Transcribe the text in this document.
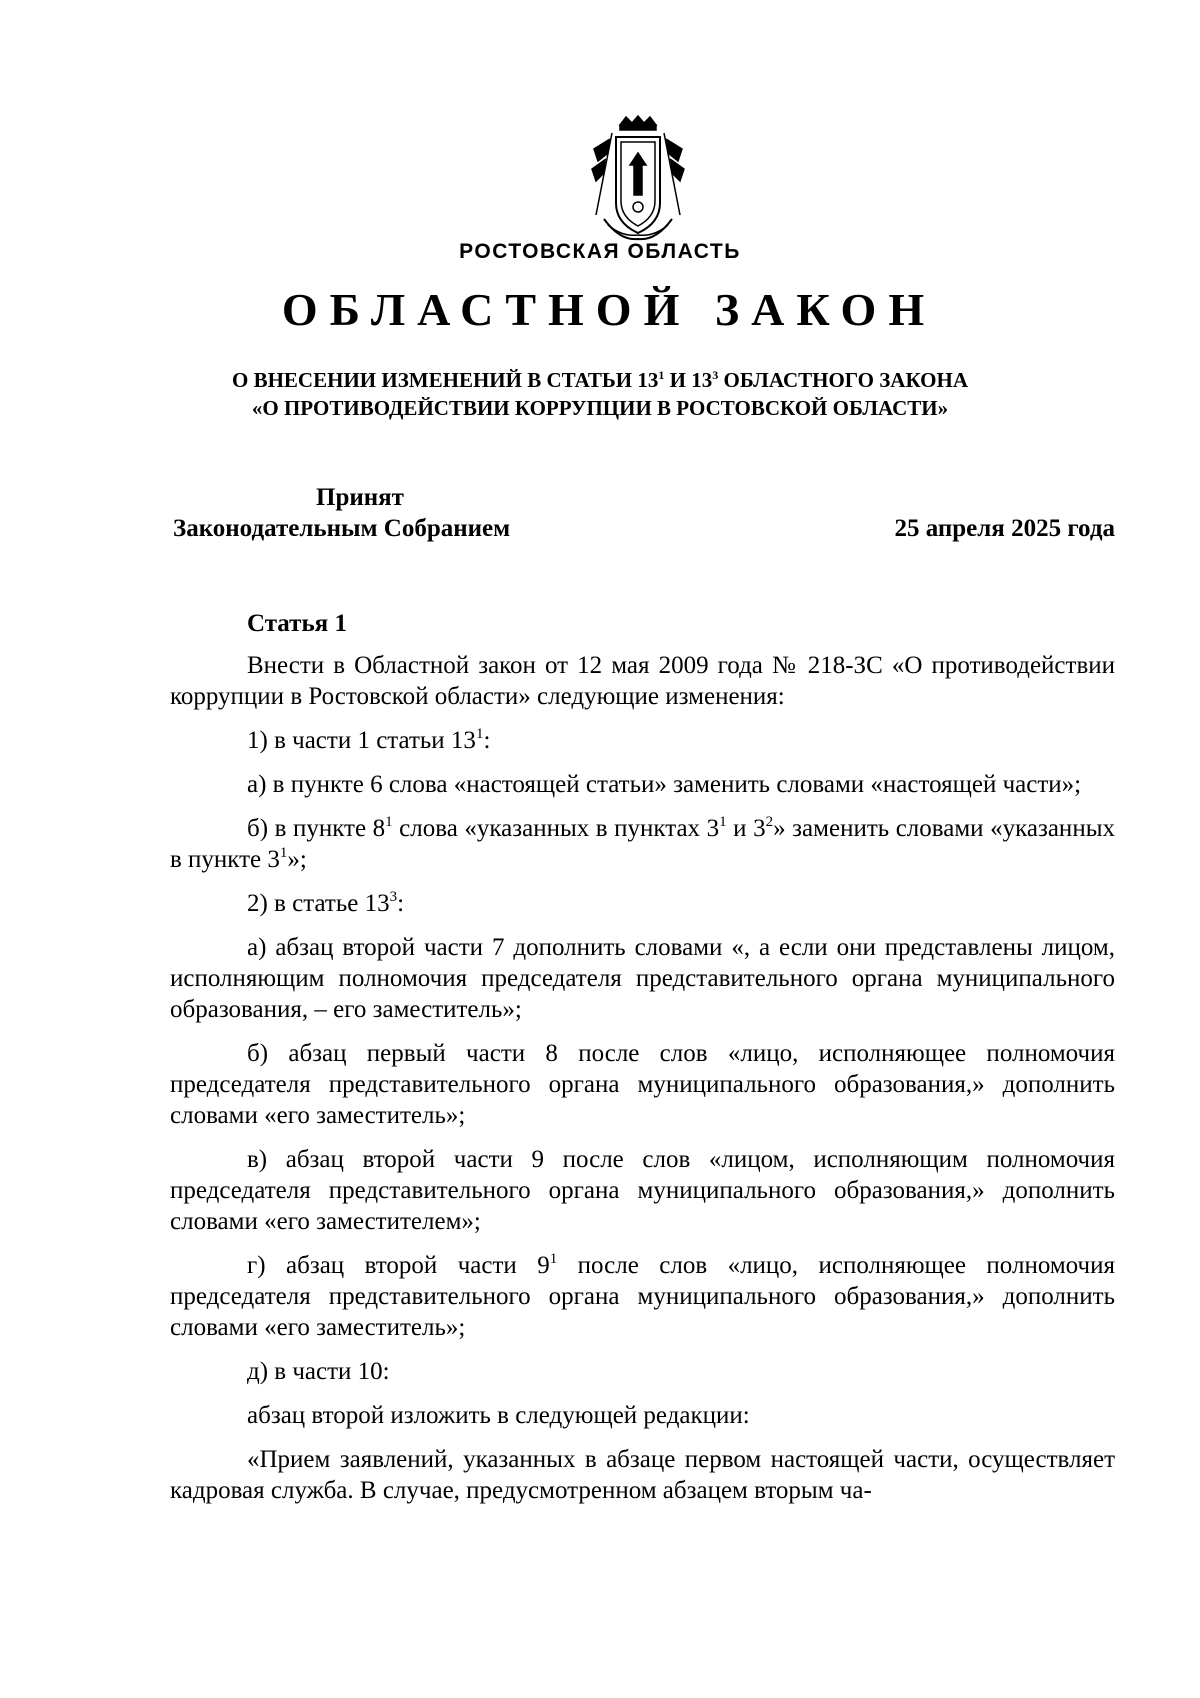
РОСТОВСКАЯ ОБЛАСТЬ
ОБЛАСТНОЙ ЗАКОН
О ВНЕСЕНИИ ИЗМЕНЕНИЙ В СТАТЬИ $13^1$ И $13^3$ ОБЛАСТНОГО ЗАКОНА
«О ПРОТИВОДЕЙСТВИИ КОРРУПЦИИ В РОСТОВСКОЙ ОБЛАСТИ»
Принят
Законодательным Собранием	25 апреля 2025 года
Статья 1

Внести в Областной закон от 12 мая 2009 года № 218-ЗС «О противодействии коррупции в Ростовской области» следующие изменения:

1) в части 1 статьи $13^1$:

а) в пункте 6 слова «настоящей статьи» заменить словами «настоящей части»;

б) в пункте $8^1$ слова «указанных в пунктах $3^1$ и $3^2$» заменить словами «указанных в пункте $3^1$»;

2) в статье $13^3$:

а) абзац второй части 7 дополнить словами «, а если они представлены лицом, исполняющим полномочия председателя представительного органа муниципального образования, – его заместитель»;

б) абзац первый части 8 после слов «лицо, исполняющее полномочия председателя представительного органа муниципального образования,» дополнить словами «его заместитель»;

в) абзац второй части 9 после слов «лицом, исполняющим полномочия председателя представительного органа муниципального образования,» дополнить словами «его заместителем»;

г) абзац второй части $9^1$ после слов «лицо, исполняющее полномочия председателя представительного органа муниципального образования,» дополнить словами «его заместитель»;

д) в части 10:

абзац второй изложить в следующей редакции:

«Прием заявлений, указанных в абзаце первом настоящей части, осуществляет кадровая служба. В случае, предусмотренном абзацем вторым ча-
